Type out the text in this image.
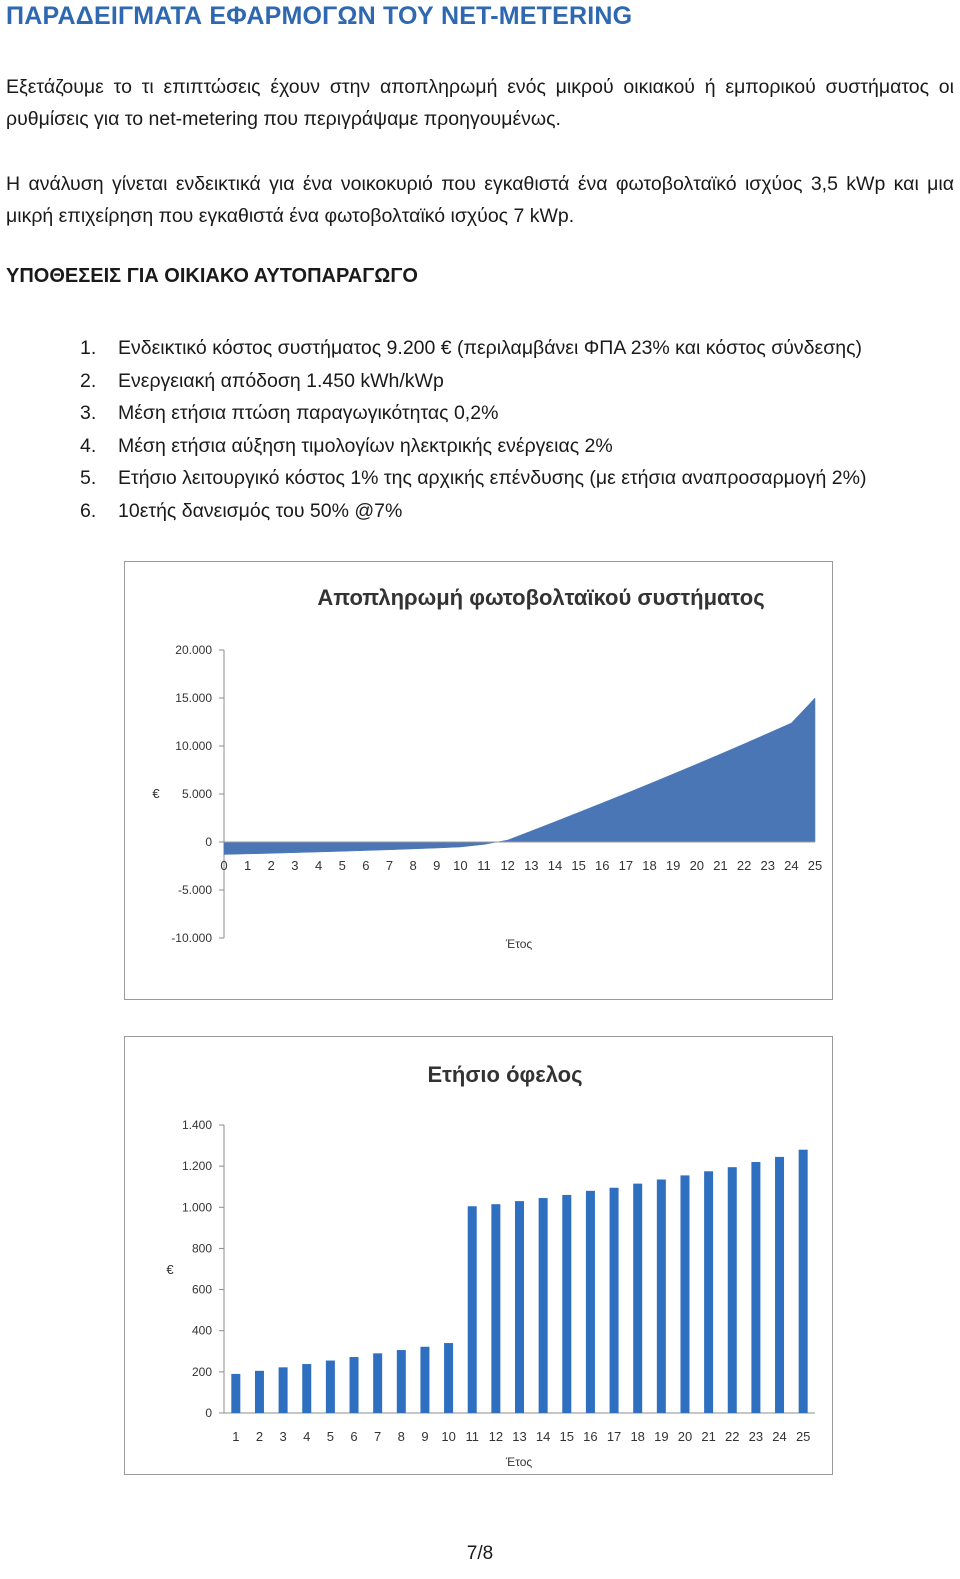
ΠΑΡΑΔΕΙΓΜΑΤΑ ΕΦΑΡΜΟΓΩΝ ΤΟΥ NET-METERING
Εξετάζουμε το τι επιπτώσεις έχουν στην αποπληρωμή ενός μικρού οικιακού ή εμπορικού συστήματος οι ρυθμίσεις για το net-metering που περιγράψαμε προηγουμένως.
Η ανάλυση γίνεται ενδεικτικά για ένα νοικοκυριό που εγκαθιστά ένα φωτοβολταϊκό ισχύος 3,5 kWp και μια μικρή επιχείρηση που εγκαθιστά ένα φωτοβολταϊκό ισχύος 7 kWp.
ΥΠΟΘΕΣΕΙΣ ΓΙΑ ΟΙΚΙΑΚΟ ΑΥΤΟΠΑΡΑΓΩΓΟ
1.	Ενδεικτικό κόστος συστήματος 9.200 € (περιλαμβάνει ΦΠΑ 23% και κόστος σύνδεσης)
2.	Ενεργειακή απόδοση 1.450 kWh/kWp
3.	Μέση ετήσια πτώση παραγωγικότητας 0,2%
4.	Μέση ετήσια αύξηση τιμολογίων ηλεκτρικής ενέργειας 2%
5.	Ετήσιο λειτουργικό κόστος 1% της αρχικής επένδυσης (με ετήσια αναπροσαρμογή 2%)
6.	10ετής δανεισμός του 50% @7%
Αποπληρωμή φωτοβολταϊκού συστήματος
20.000
15.000
10.000
5.000
0
-5.000
-10.000
€
0 1 2 3 4 5 6 7 8 9 10 11 12 13 14 15 16 17 18 19 20 21 22 23 24 25
Έτος
Ετήσιο όφελος
0
200
400
600
800
1.000
1.200
1.400
€
1 2 3 4 5 6 7 8 9 10 11 12 13 14 15 16 17 18 19 20 21 22 23 24 25
Έτος
7/8
